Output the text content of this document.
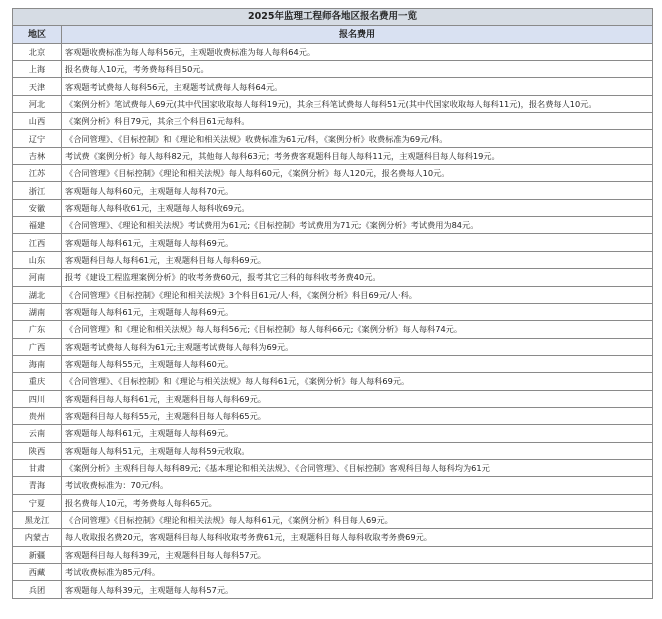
2025年监理工程师各地区报名费用一览	
地区	报名费用
北京	客观题收费标准为每人每科56元，主观题收费标准为每人每科64元。
上海	报名费每人10元，考务费每科目50元。
天津	客观题考试费每人每科56元，主观题考试费每人每科64元。
河北	《案例分析》笔试费每人69元(其中代国家收取每人每科19元)，其余三科笔试费每人每科51元(其中代国家收取每人每科11元)，报名费每人10元。
山西	《案例分析》科目79元，其余三个科目61元每科。
辽宁	《合同管理》、《目标控制》和《理论和相关法规》收费标准为61元/科，《案例分析》收费标准为69元/科。
吉林	考试费《案例分析》每人每科82元，其他每人每科63元；考务费客观题科目每人每科11元，主观题科目每人每科19元。
江苏	《合同管理》《目标控制》《理论和相关法规》每人每科60元，《案例分析》每人120元，报名费每人10元。
浙江	客观题每人每科60元，主观题每人每科70元。
安徽	客观题每人每科收61元，主观题每人每科收69元。
福建	《合同管理》、《理论和相关法规》考试费用为61元;《目标控制》考试费用为71元;《案例分析》考试费用为84元。
江西	客观题每人每科61元，主观题每人每科69元。
山东	客观题科目每人每科61元，主观题科目每人每科69元。
河南	报考《建设工程监理案例分析》的收考务费60元，报考其它三科的每科收考务费40元。
湖北	《合同管理》《目标控制》《理论和相关法规》3个科目61元/人·科，《案例分析》科目69元/人·科。
湖南	客观题每人每科61元，主观题每人每科69元。
广东	《合同管理》和《理论和相关法规》每人每科56元;《目标控制》每人每科66元;《案例分析》每人每科74元。
广西	客观题考试费每人每科为61元;主观题考试费每人每科为69元。
海南	客观题每人每科55元，主观题每人每科60元。
重庆	《合同管理》、《目标控制》和《理论与相关法规》每人每科61元，《案例分析》每人每科69元。
四川	客观题科目每人每科61元，主观题科目每人每科69元。
贵州	客观题科目每人每科55元，主观题科目每人每科65元。
云南	客观题每人每科61元，主观题每人每科69元。
陕西	客观题每人每科51元，主观题每人每科59元收取。
甘肃	《案例分析》主观科目每人每科89元;《基本理论和相关法规》、《合同管理》、《目标控制》客观科目每人每科均为61元
青海	考试收费标准为：70元/科。
宁夏	报名费每人10元，考务费每人每科65元。
黑龙江	《合同管理》《目标控制》《理论和相关法规》每人每科61元，《案例分析》科目每人69元。
内蒙古	每人收取报名费20元，客观题科目每人每科收取考务费61元，主观题科目每人每科收取考务费69元。
新疆	客观题科目每人每科39元，主观题科目每人每科57元。
西藏	考试收费标准为85元/科。
兵团	客观题每人每科39元，主观题每人每科57元。
